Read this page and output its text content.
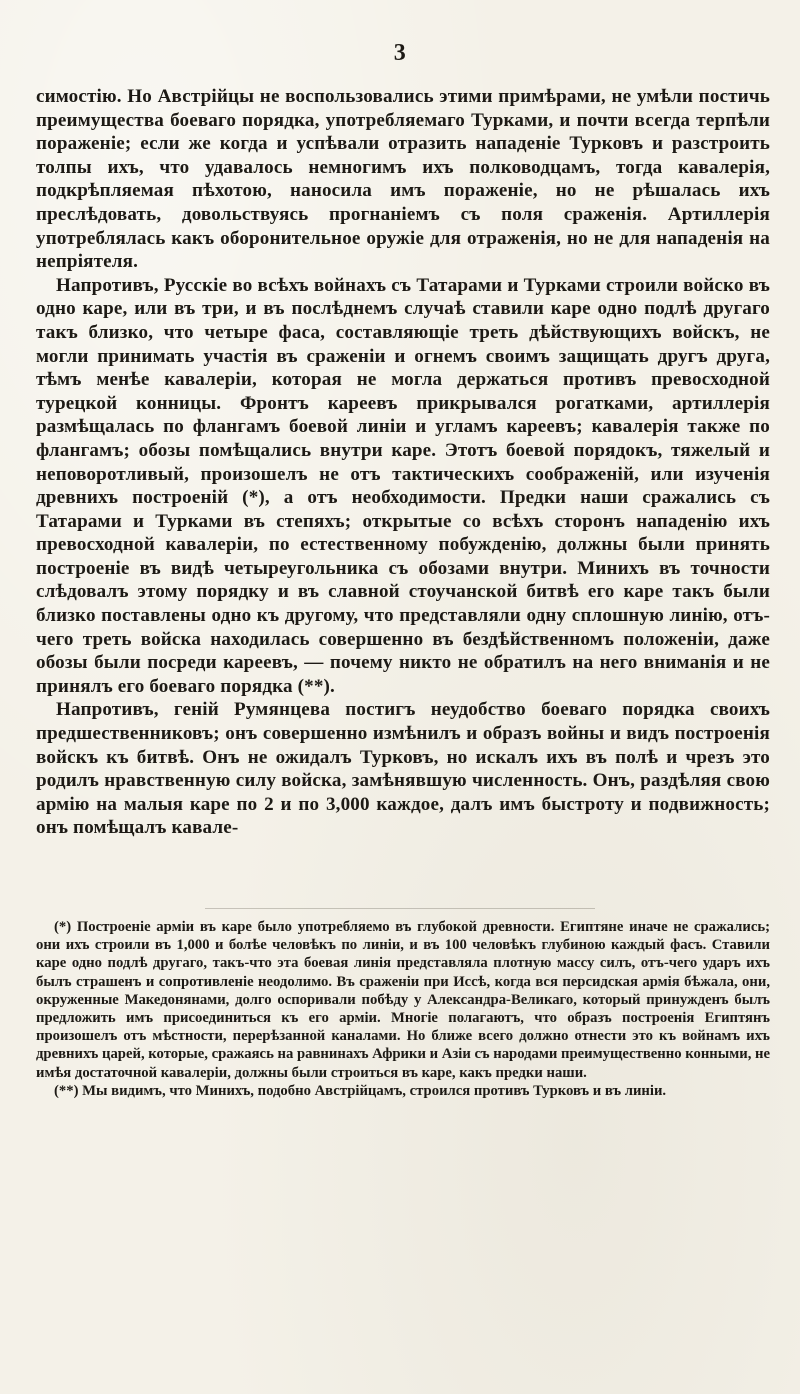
3

симостію. Но Австрійцы не воспользовались этими примѣрами, не умѣли постичь преимущества боеваго порядка, употребляемаго Турками, и почти всегда терпѣли пораженіе; если же когда и успѣвали отразить нападеніе Турковъ и разстроить толпы ихъ, что удавалось немногимъ ихъ полководцамъ, тогда кавалерія, подкрѣпляемая пѣхотою, наносила имъ пораженіе, но не рѣшалась ихъ преслѣдовать, довольствуясь прогнаніемъ съ поля сраженія. Артиллерія употреблялась какъ оборонительное оружіе для отраженія, но не для нападенія на непріятеля.

Напротивъ, Русскіе во всѣхъ войнахъ съ Татарами и Турками строили войско въ одно каре, или въ три, и въ послѣднемъ случаѣ ставили каре одно подлѣ другаго такъ близко, что четыре фаса, составляющіе треть дѣйствующихъ войскъ, не могли принимать участія въ сраженіи и огнемъ своимъ защищать другъ друга, тѣмъ менѣе кавалеріи, которая не могла держаться противъ превосходной турецкой конницы. Фронтъ кареевъ прикрывался рогатками, артиллерія размѣщалась по флангамъ боевой линіи и угламъ кареевъ; кавалерія также по флангамъ; обозы помѣщались внутри каре. Этотъ боевой порядокъ, тяжелый и неповоротливый, произошелъ не отъ тактическихъ соображеній, или изученія древнихъ построеній (*), а отъ необходимости. Предки наши сражались съ Татарами и Турками въ степяхъ; открытые со всѣхъ сторонъ нападенію ихъ превосходной кавалеріи, по естественному побужденію, должны были принять построеніе въ видѣ четыреугольника съ обозами внутри. Минихъ въ точности слѣдовалъ этому порядку и въ славной стоучанской битвѣ его каре такъ были близко поставлены одно къ другому, что представляли одну сплошную линію, отъ-чего треть войска находилась совершенно въ бездѣйственномъ положеніи, даже обозы были посреди кареевъ, — почему никто не обратилъ на него вниманія и не принялъ его боеваго порядка (**).

Напротивъ, геній Румянцева постигъ неудобство боеваго порядка своихъ предшественниковъ; онъ совершенно измѣнилъ и образъ войны и видъ построенія войскъ къ битвѣ. Онъ не ожидалъ Турковъ, но искалъ ихъ въ полѣ и чрезъ это родилъ нравственную силу войска, замѣнявшую численность. Онъ, раздѣляя свою армію на малыя каре по 2 и по 3,000 каждое, далъ имъ быстроту и подвижность; онъ помѣщалъ кавале-

(*) Построеніе арміи въ каре было употребляемо въ глубокой древности. Египтяне иначе не сражались; они ихъ строили въ 1,000 и болѣе человѣкъ по линіи, и въ 100 человѣкъ глубиною каждый фасъ. Ставили каре одно подлѣ другаго, такъ-что эта боевая линія представляла плотную массу силъ, отъ-чего ударъ ихъ былъ страшенъ и сопротивленіе неодолимо. Въ сраженіи при Иссѣ, когда вся персидская армія бѣжала, они, окруженные Македонянами, долго оспоривали побѣду у Александра-Великаго, который принужденъ былъ предложить имъ присоединиться къ его арміи. Многіе полагаютъ, что образъ построенія Египтянъ произошелъ отъ мѣстности, перерѣзанной каналами. Но ближе всего должно отнести это къ войнамъ ихъ древнихъ царей, которые, сражаясь на равнинахъ Африки и Азіи съ народами преимущественно конными, не имѣя достаточной кавалеріи, должны были строиться въ каре, какъ предки наши.

(**) Мы видимъ, что Минихъ, подобно Австрійцамъ, строился противъ Турковъ и въ линіи.
